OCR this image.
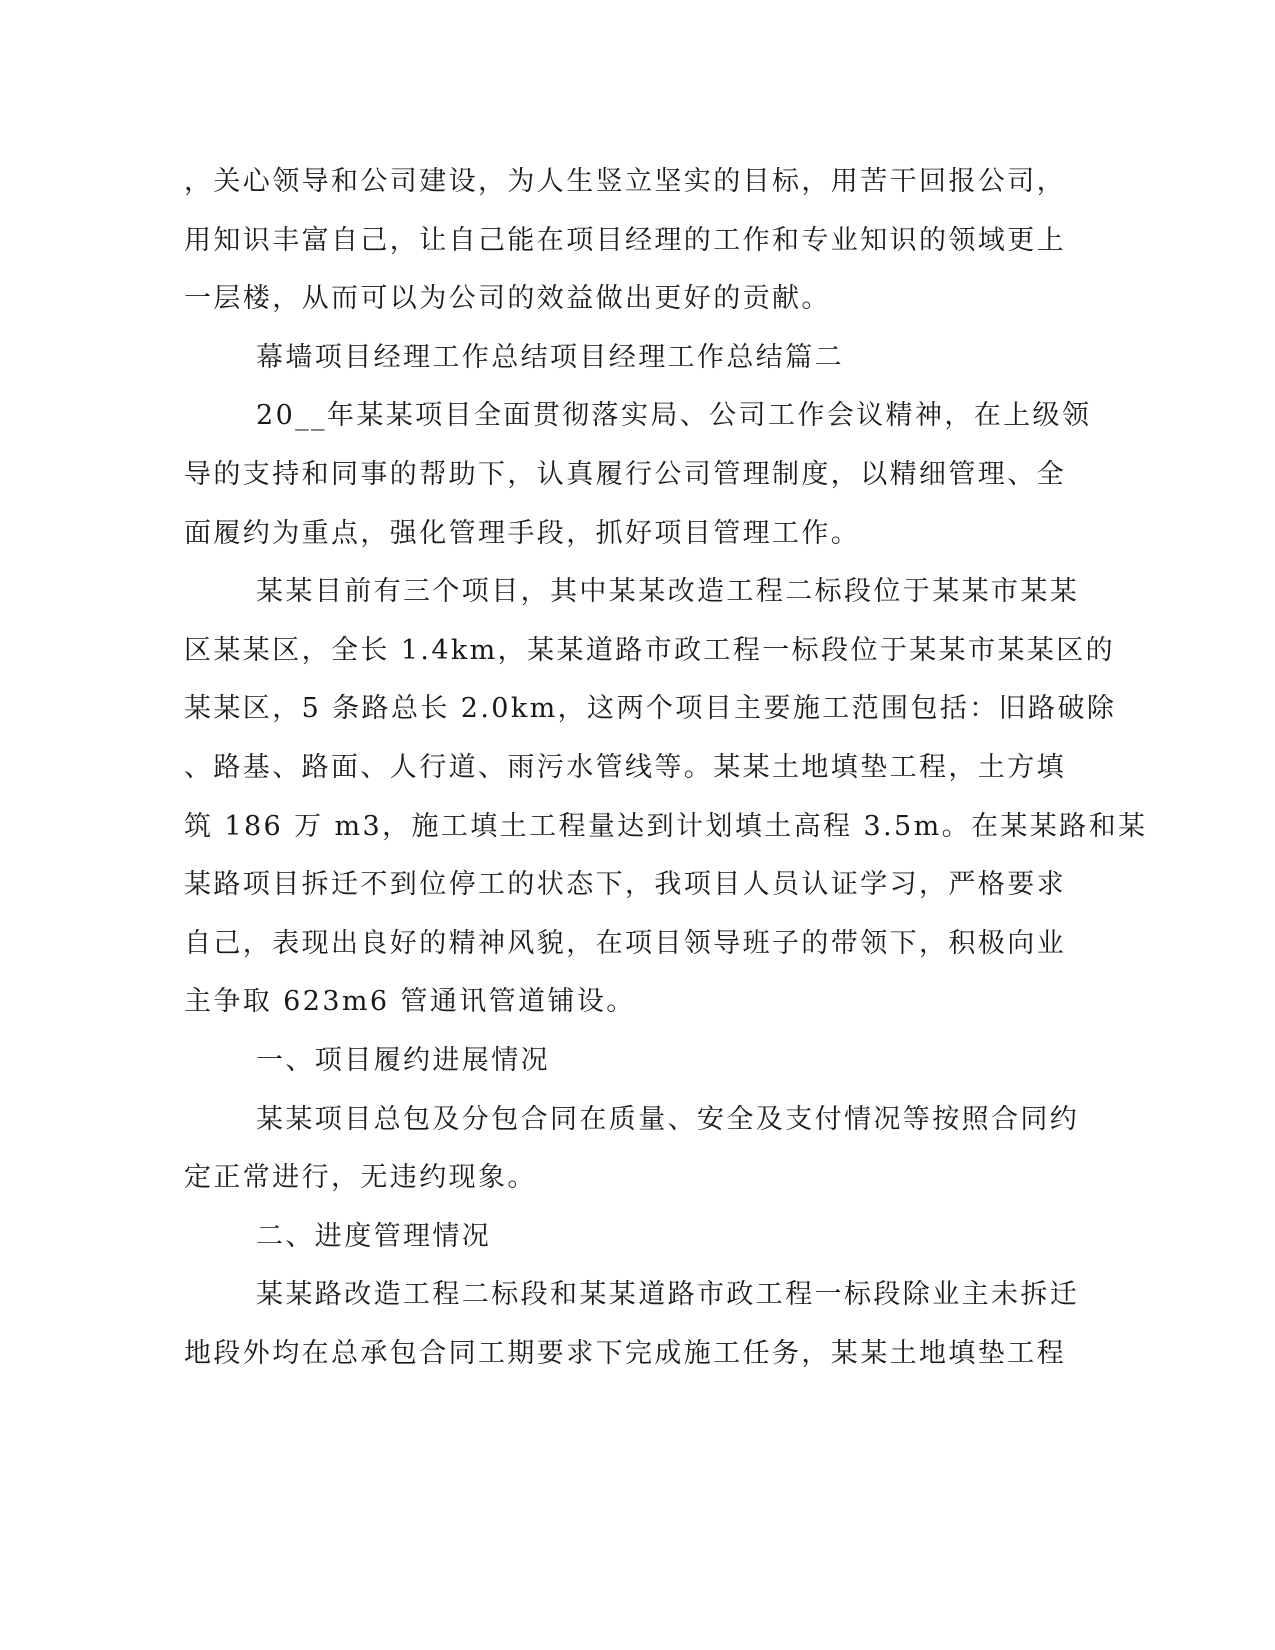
，关心领导和公司建设，为人生竖立坚实的目标，用苦干回报公司，

用知识丰富自己，让自己能在项目经理的工作和专业知识的领域更上

一层楼，从而可以为公司的效益做出更好的贡献。

幕墙项目经理工作总结项目经理工作总结篇二

20__年某某项目全面贯彻落实局、公司工作会议精神，在上级领

导的支持和同事的帮助下，认真履行公司管理制度，以精细管理、全

面履约为重点，强化管理手段，抓好项目管理工作。

某某目前有三个项目，其中某某改造工程二标段位于某某市某某

区某某区，全长 1.4km，某某道路市政工程一标段位于某某市某某区的

某某区，5 条路总长 2.0km，这两个项目主要施工范围包括：旧路破除

、路基、路面、人行道、雨污水管线等。某某土地填垫工程，土方填

筑 186 万 m3，施工填土工程量达到计划填土高程 3.5m。在某某路和某

某路项目拆迁不到位停工的状态下，我项目人员认证学习，严格要求

自己，表现出良好的精神风貌，在项目领导班子的带领下，积极向业

主争取 623m6 管通讯管道铺设。

一、项目履约进展情况

某某项目总包及分包合同在质量、安全及支付情况等按照合同约

定正常进行，无违约现象。

二、进度管理情况

某某路改造工程二标段和某某道路市政工程一标段除业主未拆迁

地段外均在总承包合同工期要求下完成施工任务，某某土地填垫工程
